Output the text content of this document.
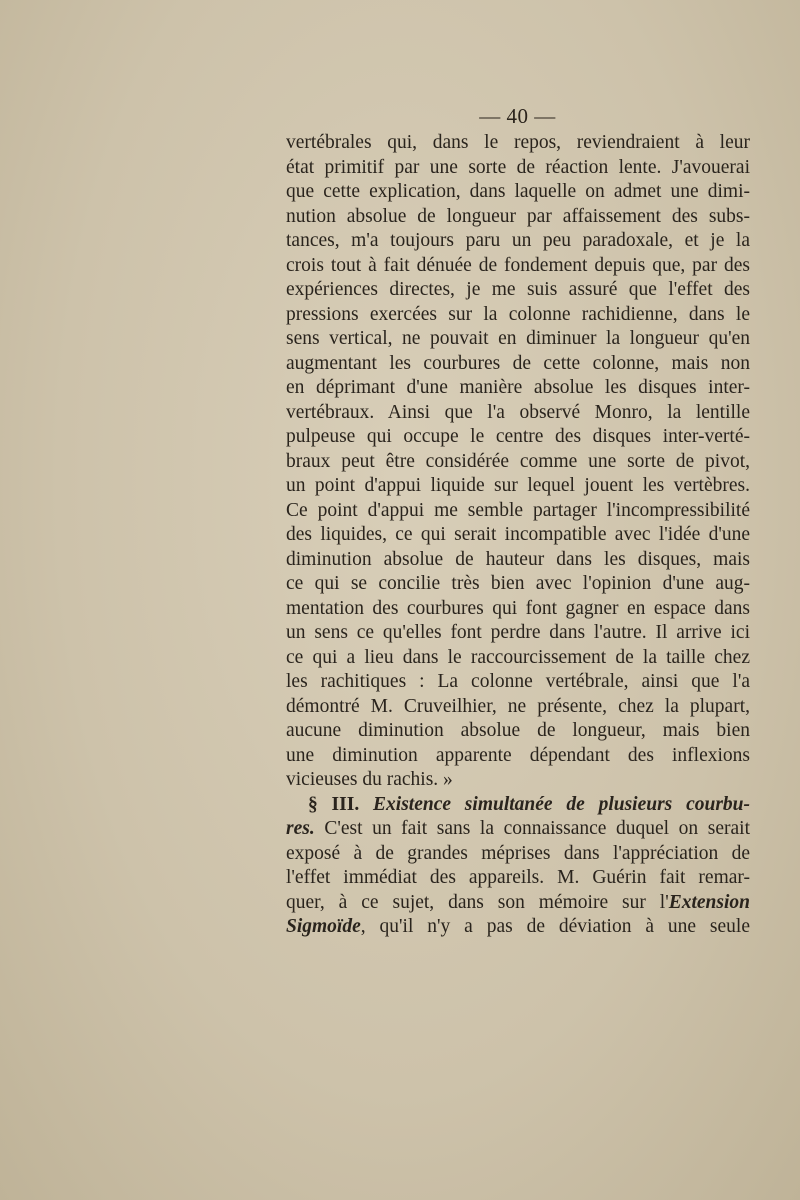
— 40 —
vertébrales qui, dans le repos, reviendraient à leur
état primitif par une sorte de réaction lente. J'avouerai
que cette explication, dans laquelle on admet une dimi-
nution absolue de longueur par affaissement des subs-
tances, m'a toujours paru un peu paradoxale, et je la
crois tout à fait dénuée de fondement depuis que, par des
expériences directes, je me suis assuré que l'effet des
pressions exercées sur la colonne rachidienne, dans le
sens vertical, ne pouvait en diminuer la longueur qu'en
augmentant les courbures de cette colonne, mais non
en déprimant d'une manière absolue les disques inter-
vertébraux. Ainsi que l'a observé Monro, la lentille
pulpeuse qui occupe le centre des disques inter-verté-
braux peut être considérée comme une sorte de pivot,
un point d'appui liquide sur lequel jouent les vertèbres.
Ce point d'appui me semble partager l'incompressibilité
des liquides, ce qui serait incompatible avec l'idée d'une
diminution absolue de hauteur dans les disques, mais
ce qui se concilie très bien avec l'opinion d'une aug-
mentation des courbures qui font gagner en espace dans
un sens ce qu'elles font perdre dans l'autre. Il arrive ici
ce qui a lieu dans le raccourcissement de la taille chez
les rachitiques : La colonne vertébrale, ainsi que l'a
démontré M. Cruveilhier, ne présente, chez la plupart,
aucune diminution absolue de longueur, mais bien
une diminution apparente dépendant des inflexions
vicieuses du rachis. »
§ III. Existence simultanée de plusieurs courbu-
res. C'est un fait sans la connaissance duquel on serait
exposé à de grandes méprises dans l'appréciation de
l'effet immédiat des appareils. M. Guérin fait remar-
quer, à ce sujet, dans son mémoire sur l'Extension
Sigmoïde, qu'il n'y a pas de déviation à une seule
